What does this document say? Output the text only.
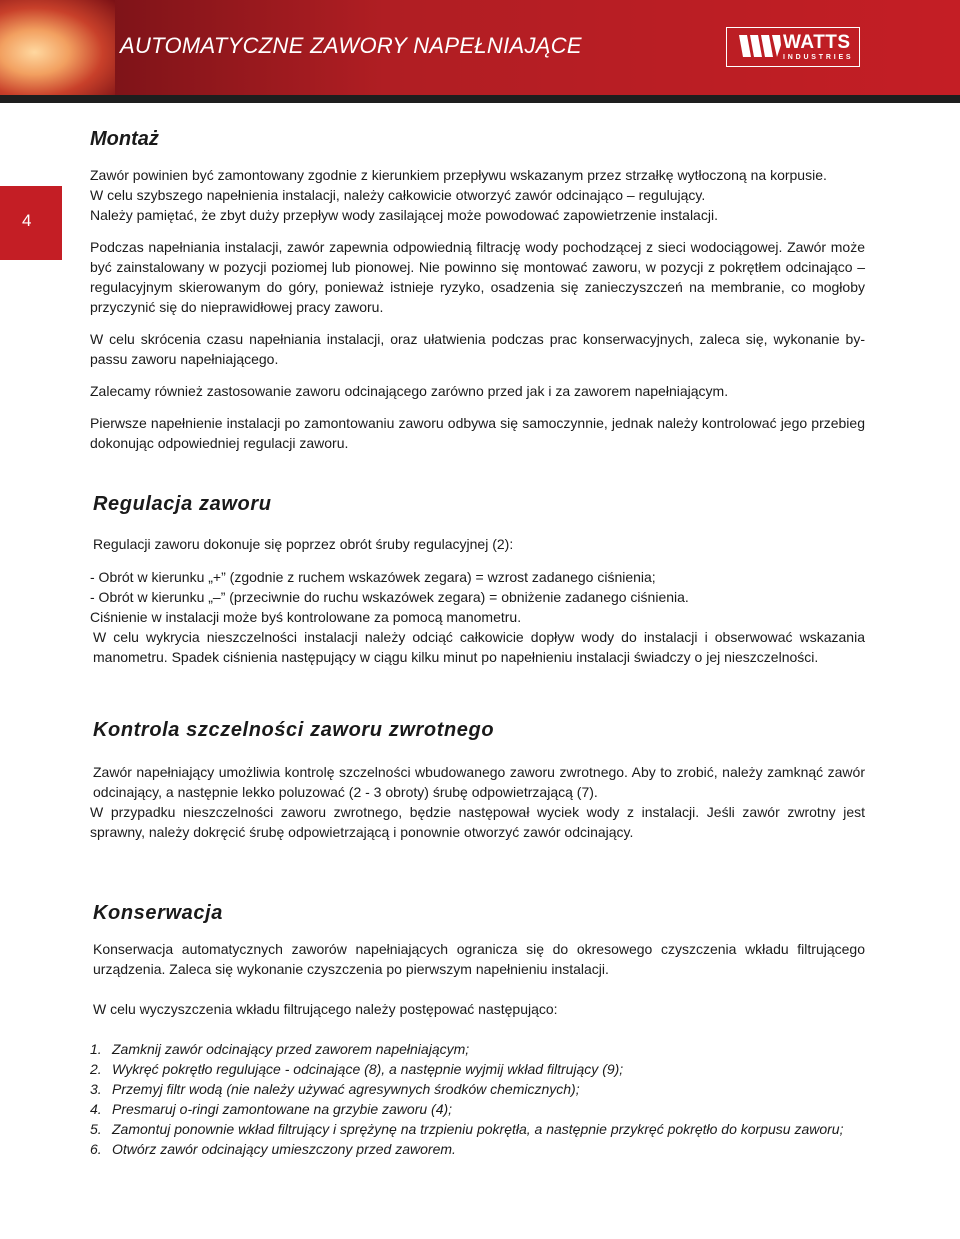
AUTOMATYCZNE ZAWORY NAPEŁNIAJĄCE	WATTS
INDUSTRIES
4
Montaż

Zawór powinien być zamontowany zgodnie z kierunkiem przepływu wskazanym przez strzałkę wytłoczoną na korpusie.

W celu szybszego napełnienia instalacji, należy całkowicie otworzyć zawór odcinająco – regulujący.

Należy pamiętać, że zbyt duży przepływ wody zasilającej może powodować zapowietrzenie instalacji.

Podczas napełniania instalacji, zawór zapewnia odpowiednią filtrację wody pochodzącej z sieci wodociągowej. Zawór może być zainstalowany w pozycji poziomej lub pionowej. Nie powinno się montować zaworu, w pozycji z pokrętłem odcinająco – regulacyjnym skierowanym do góry, ponieważ istnieje ryzyko, osadzenia się zanieczyszczeń na membranie, co mogłoby przyczynić się do nieprawidłowej pracy zaworu.

W celu skrócenia czasu napełniania instalacji, oraz ułatwienia podczas prac konserwacyjnych, zaleca się, wykonanie by-passu zaworu napełniającego.

Zalecamy również zastosowanie zaworu odcinającego zarówno przed jak i za zaworem napełniającym.

Pierwsze napełnienie instalacji po zamontowaniu zaworu odbywa się samoczynnie, jednak należy kontrolować jego przebieg dokonując odpowiedniej regulacji zaworu.

Regulacja zaworu

Regulacji zaworu dokonuje się poprzez obrót śruby regulacyjnej (2):

- Obrót w kierunku „+” (zgodnie z ruchem wskazówek zegara) = wzrost zadanego ciśnienia;

- Obrót w kierunku „–” (przeciwnie do ruchu wskazówek zegara) = obniżenie zadanego ciśnienia.

Ciśnienie w instalacji może byś kontrolowane za pomocą manometru.

W celu wykrycia nieszczelności instalacji należy odciąć całkowicie dopływ wody do instalacji i obserwować wskazania manometru. Spadek ciśnienia następujący w ciągu kilku minut po napełnieniu instalacji świadczy o jej nieszczelności.

Kontrola szczelności zaworu zwrotnego

Zawór napełniający umożliwia kontrolę szczelności wbudowanego zaworu zwrotnego. Aby to zrobić, należy zamknąć zawór odcinający, a następnie lekko poluzować (2 - 3 obroty) śrubę odpowietrzającą (7).

W przypadku nieszczelności zaworu zwrotnego, będzie następował wyciek wody z instalacji. Jeśli zawór zwrotny jest sprawny, należy dokręcić śrubę odpowietrzającą i ponownie otworzyć zawór odcinający.

Konserwacja

Konserwacja automatycznych zaworów napełniających ogranicza się do okresowego czyszczenia wkładu filtrującego urządzenia. Zaleca się wykonanie czyszczenia po pierwszym napełnieniu instalacji.

W celu wyczyszczenia wkładu filtrującego należy postępować następująco:

1. Zamknij zawór odcinający przed zaworem napełniającym;
2. Wykręć pokrętło regulujące - odcinające (8), a następnie wyjmij wkład filtrujący (9);
3. Przemyj filtr wodą (nie należy używać agresywnych środków chemicznych);
4. Presmaruj o-ringi zamontowane na grzybie zaworu (4);
5. Zamontuj ponownie wkład filtrujący i sprężynę na trzpieniu pokrętła, a następnie przykręć pokrętło do korpusu zaworu;
6. Otwórz zawór odcinający umieszczony przed zaworem.
